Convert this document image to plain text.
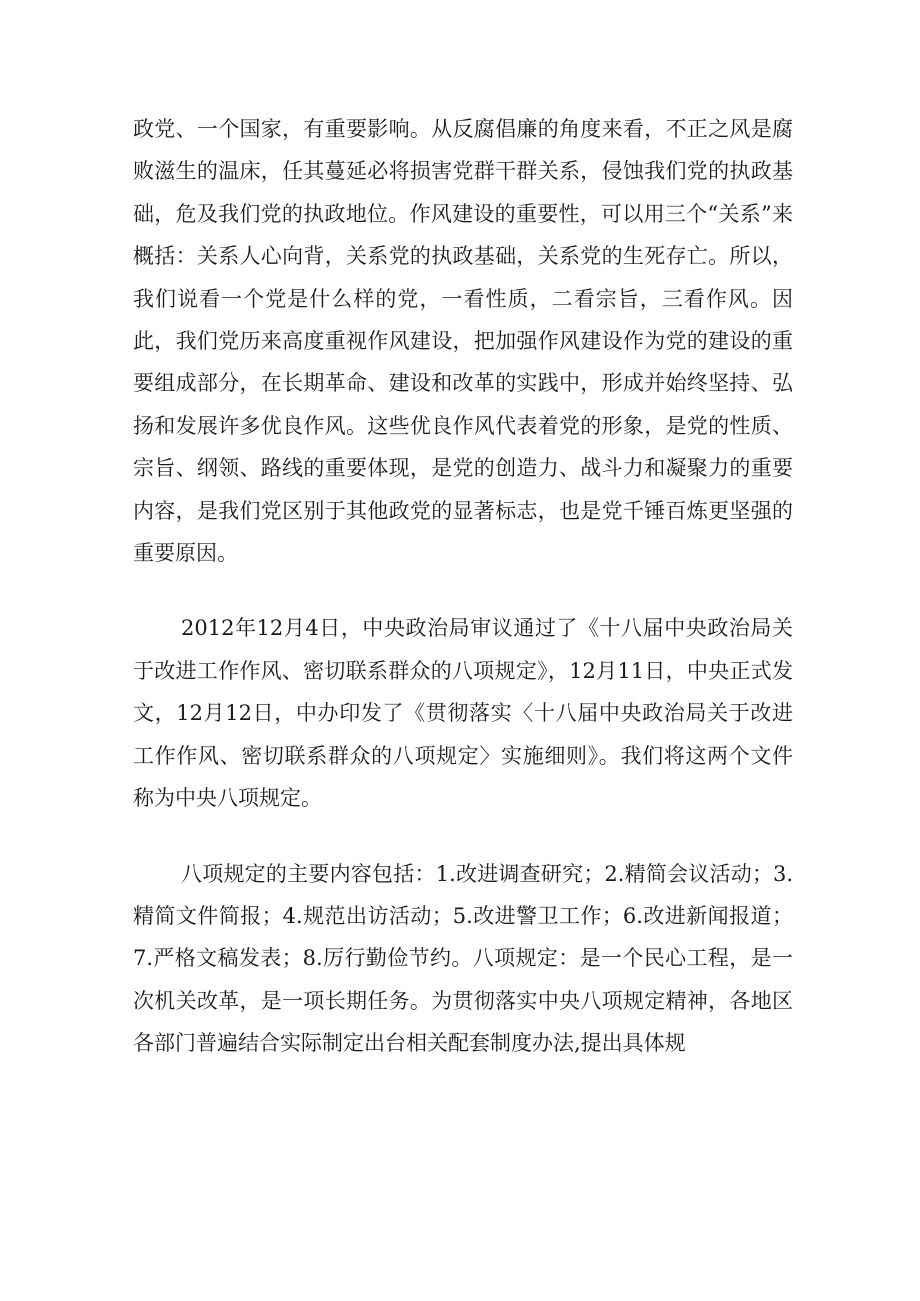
政党、一个国家，有重要影响。从反腐倡廉的角度来看，不正之风是腐败滋生的温床，任其蔓延必将损害党群干群关系，侵蚀我们党的执政基础，危及我们党的执政地位。作风建设的重要性，可以用三个“关系”来概括：关系人心向背，关系党的执政基础，关系党的生死存亡。所以，我们说看一个党是什么样的党，一看性质，二看宗旨，三看作风。因此，我们党历来高度重视作风建设，把加强作风建设作为党的建设的重要组成部分，在长期革命、建设和改革的实践中，形成并始终坚持、弘扬和发展许多优良作风。这些优良作风代表着党的形象，是党的性质、宗旨、纲领、路线的重要体现，是党的创造力、战斗力和凝聚力的重要内容，是我们党区别于其他政党的显著标志，也是党千锤百炼更坚强的重要原因。

2012年12月4日，中央政治局审议通过了《十八届中央政治局关于改进工作作风、密切联系群众的八项规定》，12月11日，中央正式发文，12月12日，中办印发了《贯彻落实〈十八届中央政治局关于改进工作作风、密切联系群众的八项规定〉实施细则》。我们将这两个文件称为中央八项规定。

八项规定的主要内容包括：1.改进调查研究；2.精简会议活动；3.精简文件简报；4.规范出访活动；5.改进警卫工作；6.改进新闻报道；7.严格文稿发表；8.厉行勤俭节约。八项规定：是一个民心工程，是一次机关改革，是一项长期任务。为贯彻落实中央八项规定精神，各地区各部门普遍结合实际制定出台相关配套制度办法,提出具体规
